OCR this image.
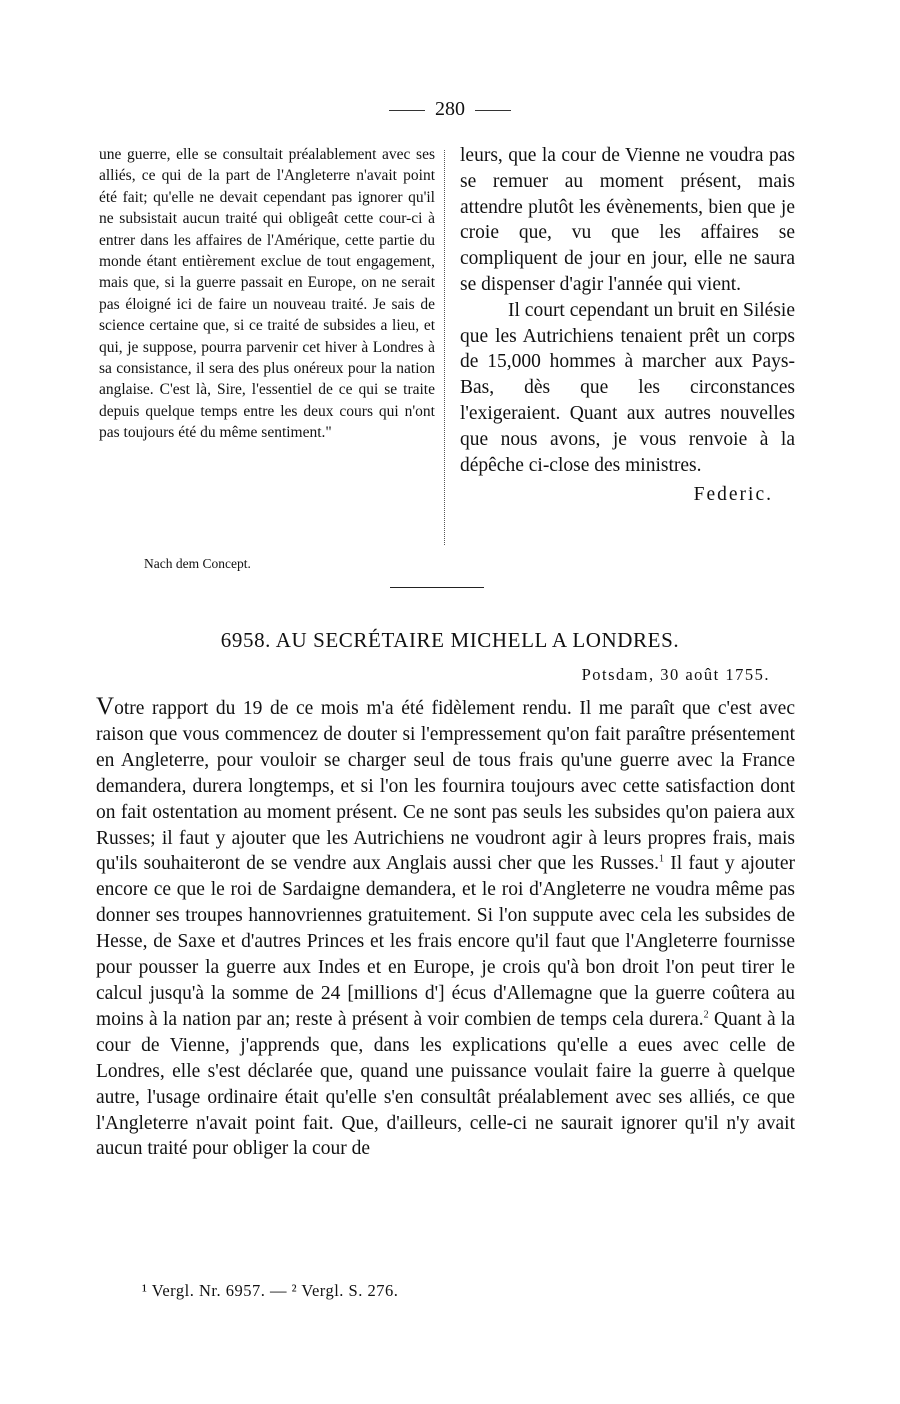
280
une guerre, elle se consultait préalablement avec ses alliés, ce qui de la part de l'Angleterre n'avait point été fait; qu'elle ne devait cependant pas ignorer qu'il ne subsistait aucun traité qui obligeât cette cour-ci à entrer dans les affaires de l'Amérique, cette partie du monde étant entièrement exclue de tout engagement, mais que, si la guerre passait en Europe, on ne serait pas éloigné ici de faire un nouveau traité. Je sais de science certaine que, si ce traité de subsides a lieu, et qui, je suppose, pourra parvenir cet hiver à Londres à sa consistance, il sera des plus onéreux pour la nation anglaise. C'est là, Sire, l'essentiel de ce qui se traite depuis quelque temps entre les deux cours qui n'ont pas toujours été du même sentiment."

leurs, que la cour de Vienne ne voudra pas se remuer au moment présent, mais attendre plutôt les évènements, bien que je croie que, vu que les affaires se compliquent de jour en jour, elle ne saura se dispenser d'agir l'année qui vient.

Il court cependant un bruit en Silésie que les Autrichiens tenaient prêt un corps de 15,000 hommes à marcher aux Pays-Bas, dès que les circonstances l'exigeraient. Quant aux autres nouvelles que nous avons, je vous renvoie à la dépêche ci-close des ministres.

Federic.
Nach dem Concept.
6958. AU SECRÉTAIRE MICHELL A LONDRES.
Potsdam, 30 août 1755.
Votre rapport du 19 de ce mois m'a été fidèlement rendu. Il me paraît que c'est avec raison que vous commencez de douter si l'empressement qu'on fait paraître présentement en Angleterre, pour vouloir se charger seul de tous frais qu'une guerre avec la France demandera, durera longtemps, et si l'on les fournira toujours avec cette satisfaction dont on fait ostentation au moment présent. Ce ne sont pas seuls les subsides qu'on paiera aux Russes; il faut y ajouter que les Autrichiens ne voudront agir à leurs propres frais, mais qu'ils souhaiteront de se vendre aux Anglais aussi cher que les Russes.$^1$ Il faut y ajouter encore ce que le roi de Sardaigne demandera, et le roi d'Angleterre ne voudra même pas donner ses troupes hannovriennes gratuitement. Si l'on suppute avec cela les subsides de Hesse, de Saxe et d'autres Princes et les frais encore qu'il faut que l'Angleterre fournisse pour pousser la guerre aux Indes et en Europe, je crois qu'à bon droit l'on peut tirer le calcul jusqu'à la somme de 24 [millions d'] écus d'Allemagne que la guerre coûtera au moins à la nation par an; reste à présent à voir combien de temps cela durera.$^2$ Quant à la cour de Vienne, j'apprends que, dans les explications qu'elle a eues avec celle de Londres, elle s'est déclarée que, quand une puissance voulait faire la guerre à quelque autre, l'usage ordinaire était qu'elle s'en consultât préalablement avec ses alliés, ce que l'Angleterre n'avait point fait. Que, d'ailleurs, celle-ci ne saurait ignorer qu'il n'y avait aucun traité pour obliger la cour de
¹ Vergl. Nr. 6957. — ² Vergl. S. 276.
